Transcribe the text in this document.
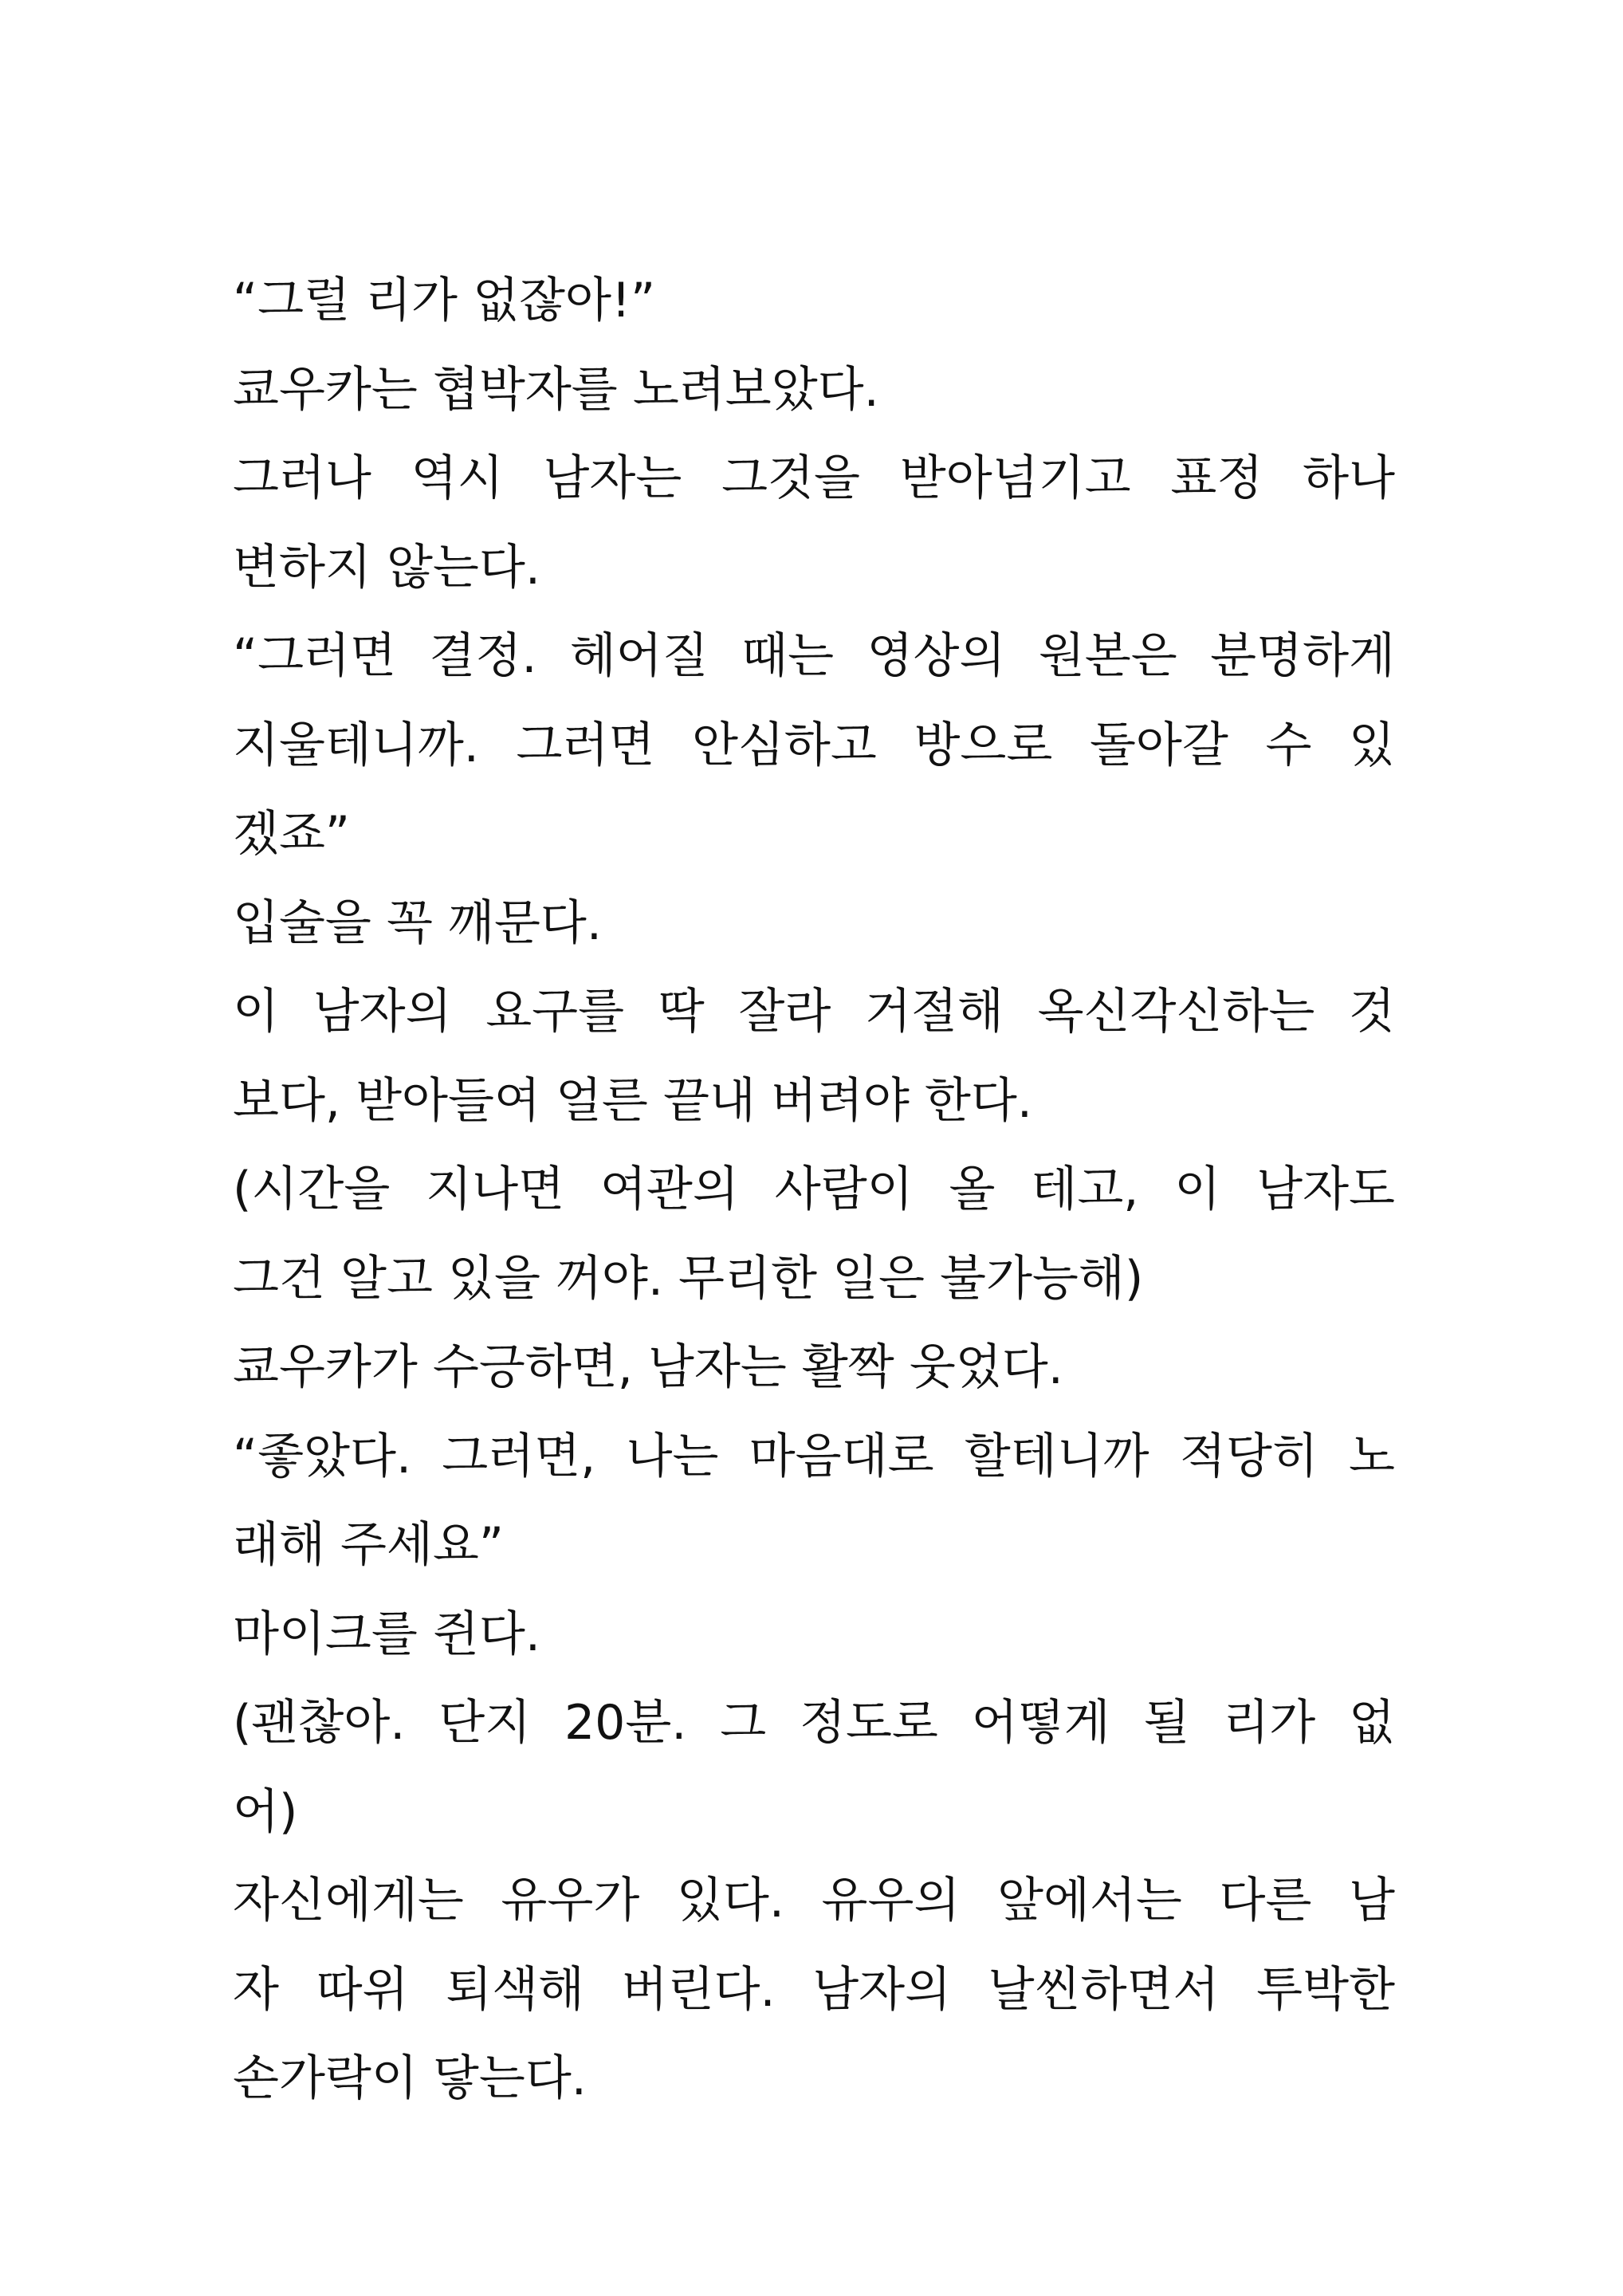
“그럴 리가 없잖아!”
쿄우카는 협박자를 노려보았다.
그러나 역시 남자는 그것을 받아넘기고 표정 하나
변하지 않는다.
“그러면 결정. 헤어질 때는 영상의 원본은 분명하게
지울테니까. 그러면 안심하고 방으로 돌아갈 수 있
겠죠”
입술을 꼭 깨문다.
이 남자의 요구를 딱 잘라 거절해 옥신각신하는 것
보다, 받아들여 얼른 끝내 버려야 한다.
(시간을 지나면 여관의 사람이 올 테고, 이 남자도
그건 알고 있을 꺼야. 무리한 일은 불가능해)
쿄우카가 수긍하면, 남자는 활짝 웃었다.
“좋았다. 그러면, 나는 마음대로 할테니까 적당히 노
래해 주세요”
마이크를 쥔다.
(괜찮아. 단지 20분. 그 정도로 어떻게 될 리가 없
어)
자신에게는 유우가 있다. 유우의 앞에서는 다른 남
자 따위 퇴색해 버린다. 남자의 날씬하면서 투박한
손가락이 닿는다.
